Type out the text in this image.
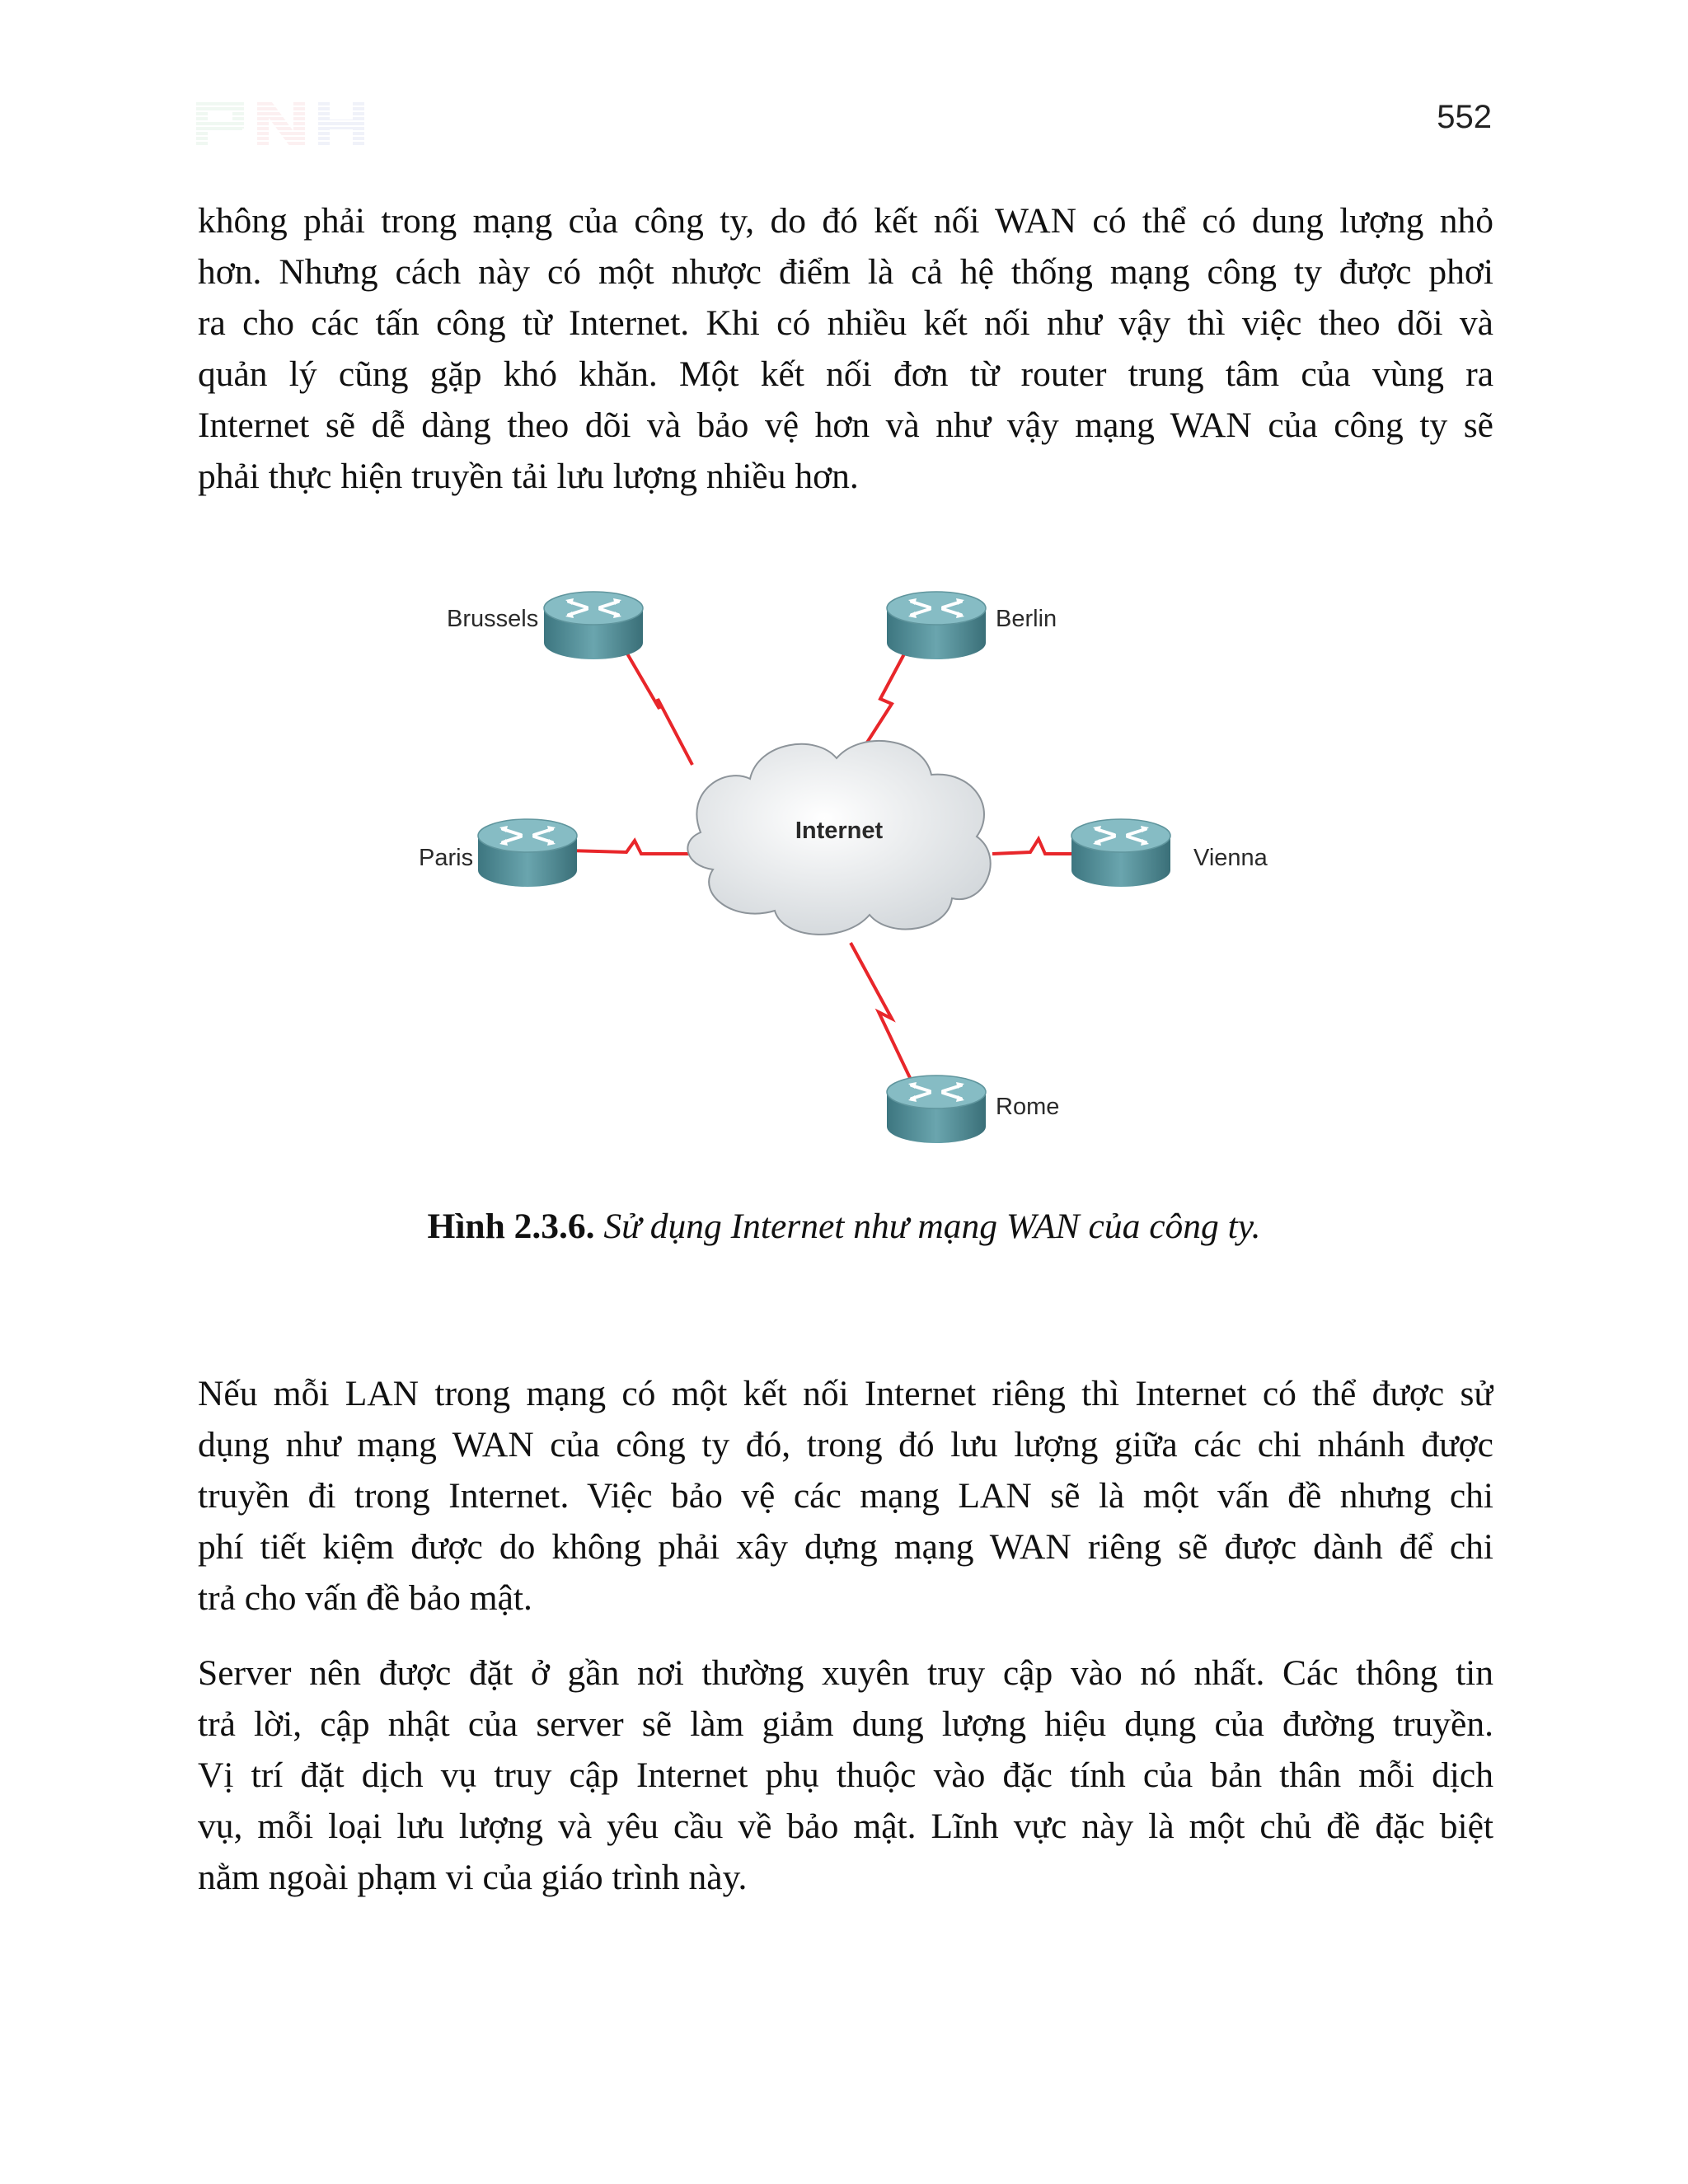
552
không phải trong mạng của công ty, do đó kết nối WAN có thể có dung lượng nhỏ
hơn. Nhưng cách này có một nhược điểm là cả hệ thống mạng công ty được phơi
ra cho các tấn công từ Internet. Khi có nhiều kết nối như vậy thì việc theo dõi và
quản lý cũng gặp khó khăn. Một kết nối đơn từ router trung tâm của vùng ra
Internet sẽ dễ dàng theo dõi và bảo vệ hơn và như vậy mạng WAN của công ty sẽ
phải thực hiện truyền tải lưu lượng nhiều hơn.
Internet
Brussels	Berlin
Paris	Vienna
Rome
Hình 2.3.6. Sử dụng Internet như mạng WAN của công ty.
Nếu mỗi LAN trong mạng có một kết nối Internet riêng thì Internet có thể được sử
dụng như mạng WAN của công ty đó, trong đó lưu lượng giữa các chi nhánh được
truyền đi trong Internet. Việc bảo vệ các mạng LAN sẽ là một vấn đề nhưng chi
phí tiết kiệm được do không phải xây dựng mạng WAN riêng sẽ được dành để chi
trả cho vấn đề bảo mật.
Server nên được đặt ở gần nơi thường xuyên truy cập vào nó nhất. Các thông tin
trả lời, cập nhật của server sẽ làm giảm dung lượng hiệu dụng của đường truyền.
Vị trí đặt dịch vụ truy cập Internet phụ thuộc vào đặc tính của bản thân mỗi dịch
vụ, mỗi loại lưu lượng và yêu cầu về bảo mật. Lĩnh vực này là một chủ đề đặc biệt
nằm ngoài phạm vi của giáo trình này.
